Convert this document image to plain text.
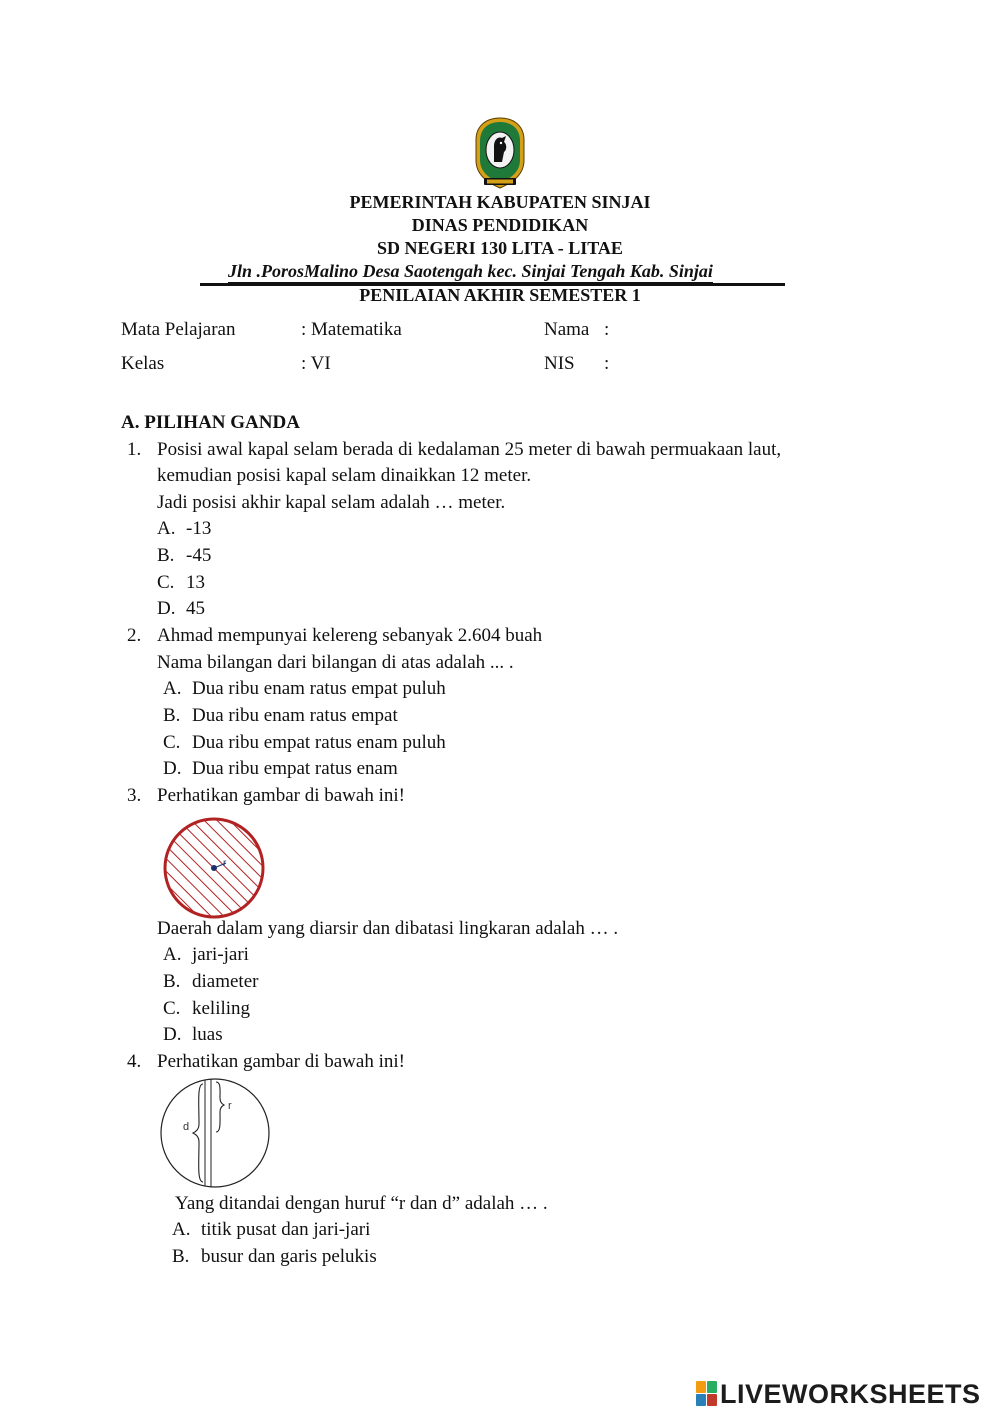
PEMERINTAH KABUPATEN SINJAI
DINAS PENDIDIKAN
SD NEGERI 130 LITA - LITAE
Jln .PorosMalino Desa Saotengah kec. Sinjai Tengah Kab. Sinjai
PENILAIAN AKHIR SEMESTER 1
Mata Pelajaran	: Matematika	Nama :
Kelas	: VI	NIS :
A. PILIHAN GANDA
1. Posisi awal kapal selam berada di kedalaman 25 meter di bawah permuakaan laut,
kemudian posisi kapal selam dinaikkan 12 meter.
Jadi posisi akhir kapal selam adalah … meter.
A. -13
B. -45
C. 13
D. 45
2. Ahmad mempunyai kelereng sebanyak 2.604 buah
Nama bilangan dari bilangan di atas adalah ... .
A. Dua ribu enam ratus empat puluh
B. Dua ribu enam ratus empat
C. Dua ribu empat ratus enam puluh
D. Dua ribu empat ratus enam
3. Perhatikan gambar di bawah ini!
r
Daerah dalam yang diarsir dan dibatasi lingkaran adalah … .
A. jari-jari
B. diameter
C. keliling
D. luas
4. Perhatikan gambar di bawah ini!
r
d
Yang ditandai dengan huruf “r dan d” adalah … .
A. titik pusat dan jari-jari
B. busur dan garis pelukis
LIVEWORKSHEETS
